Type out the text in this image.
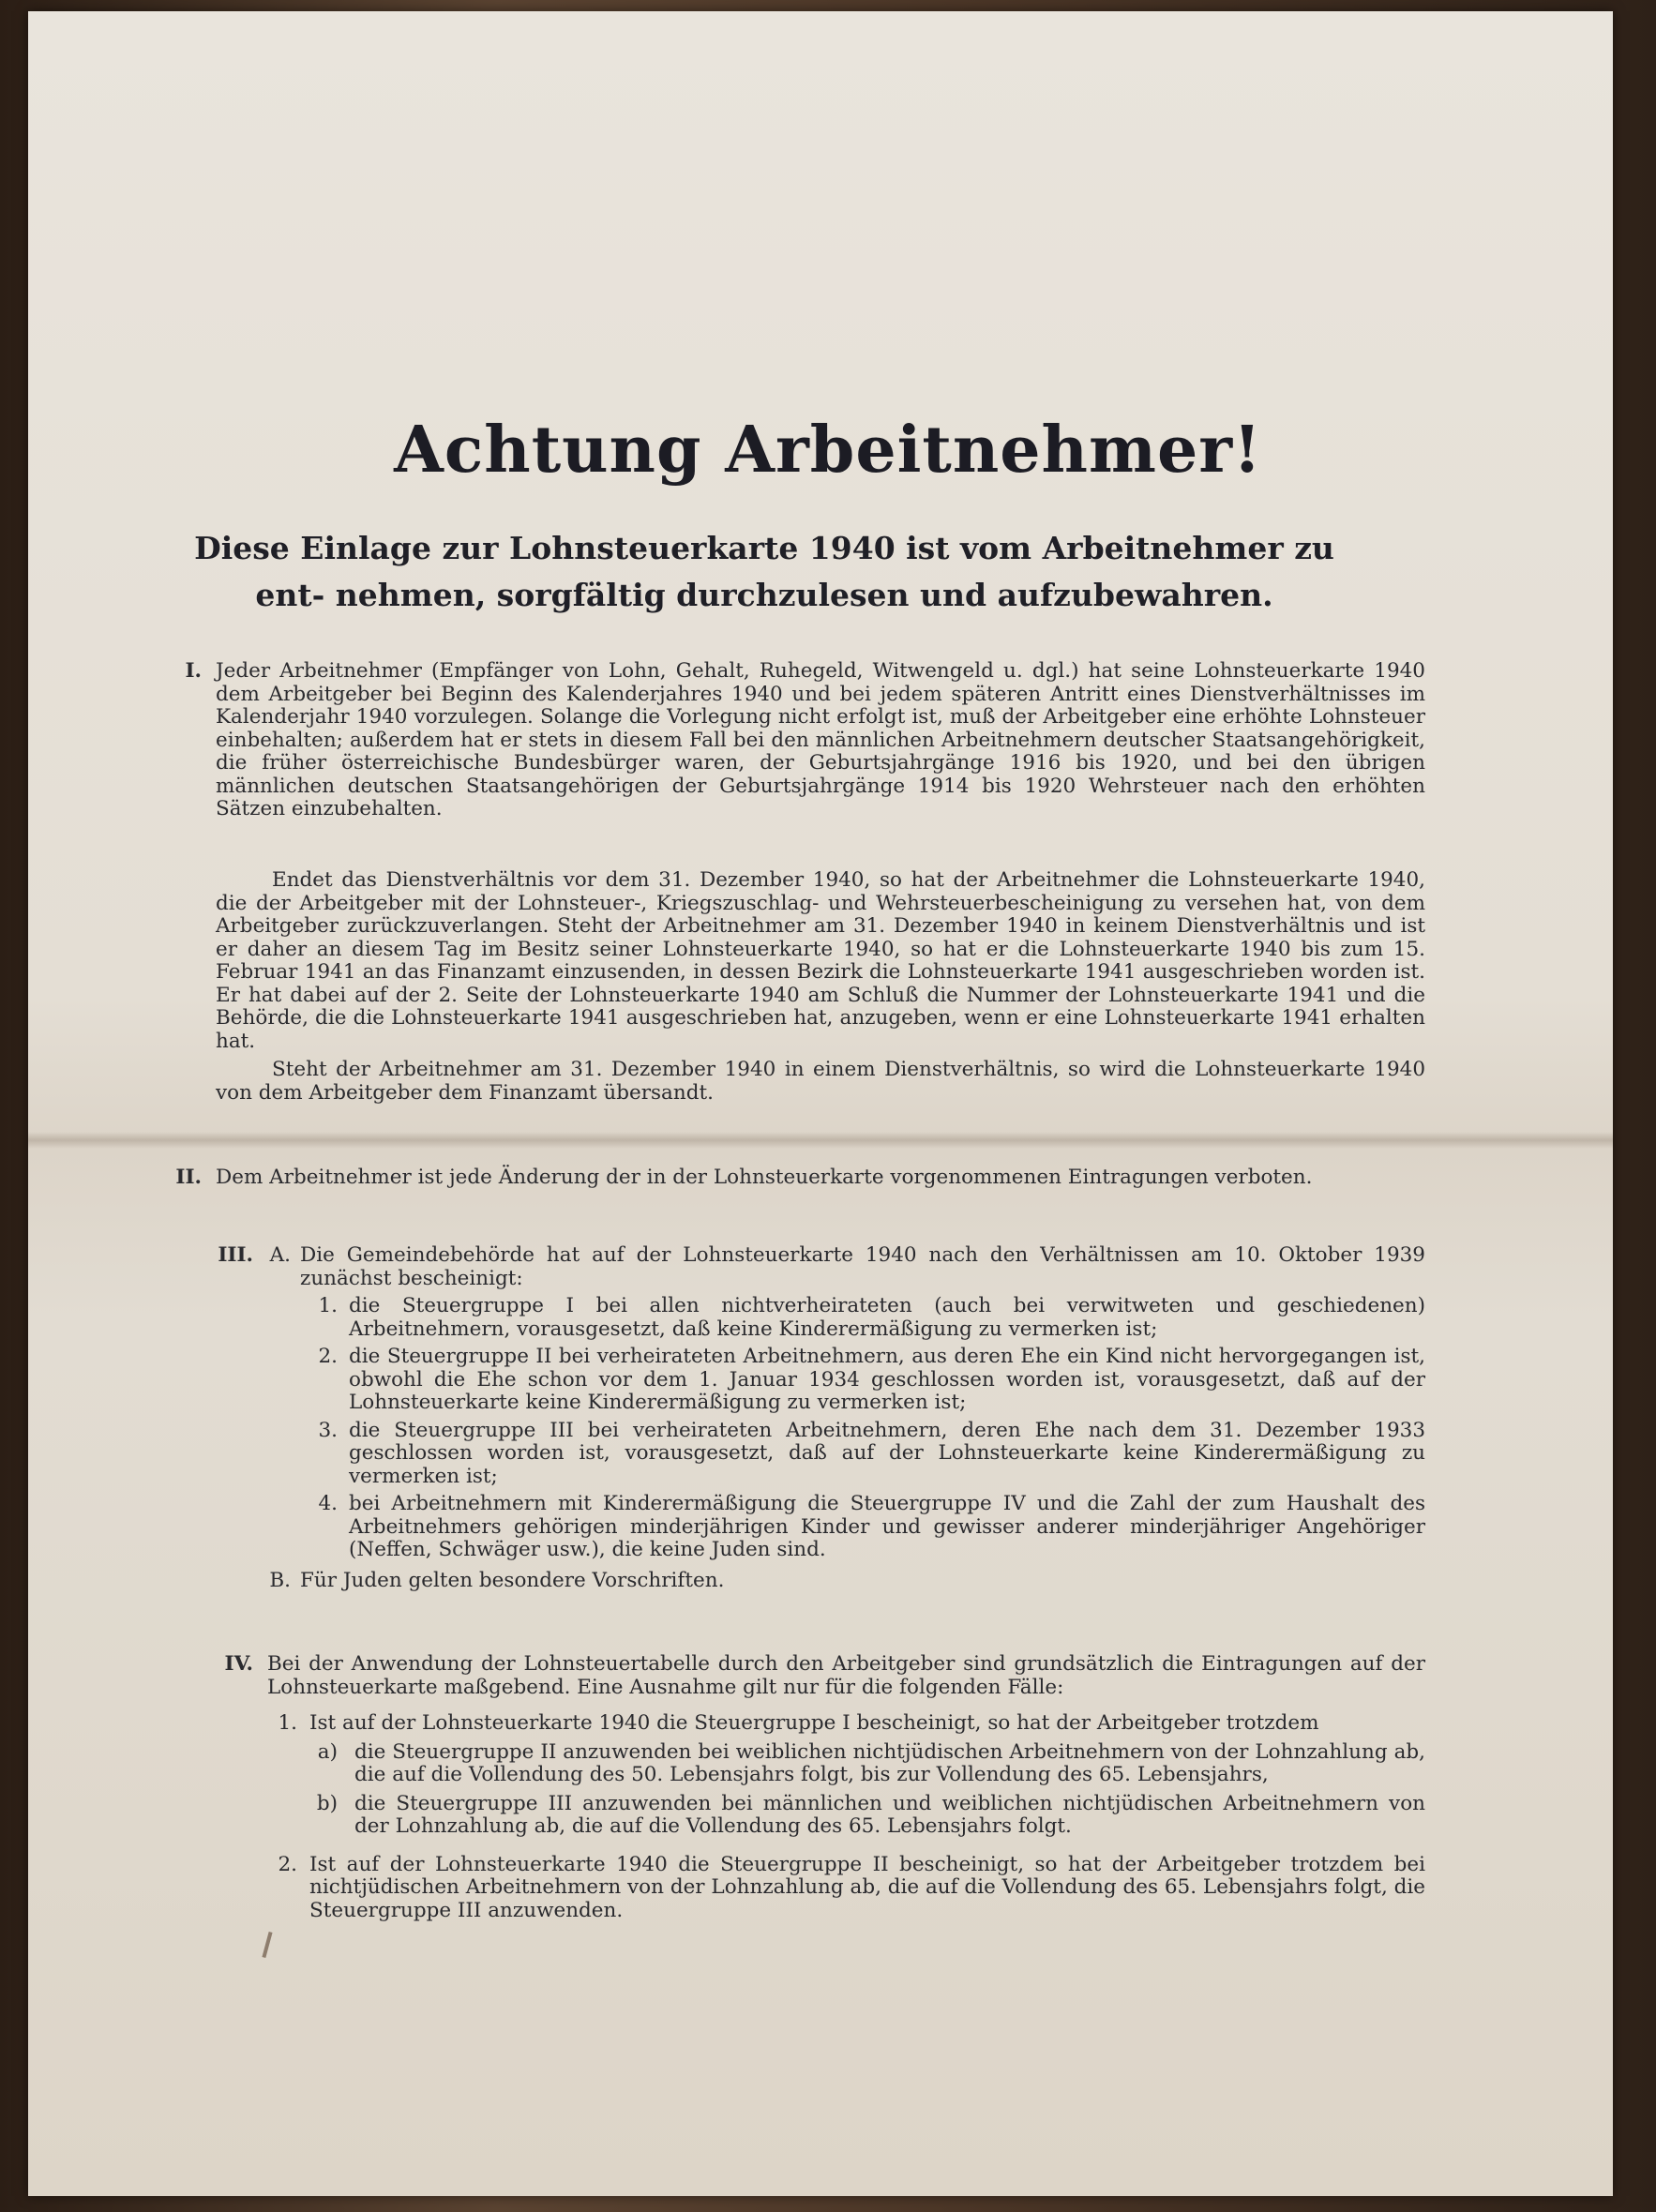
Achtung Arbeitnehmer!
Diese Einlage zur Lohnsteuerkarte 1940 ist vom Arbeitnehmer zu ent- nehmen, sorgfältig durchzulesen und aufzubewahren.
I. Jeder Arbeitnehmer (Empfänger von Lohn, Gehalt, Ruhegeld, Witwengeld u. dgl.) hat seine Lohnsteuerkarte 1940 dem Arbeitgeber bei Beginn des Kalenderjahres 1940 und bei jedem späteren Antritt eines Dienstverhältnisses im Kalenderjahr 1940 vorzulegen. Solange die Vorlegung nicht erfolgt ist, muß der Arbeitgeber eine erhöhte Lohnsteuer einbehalten; außerdem hat er stets in diesem Fall bei den männlichen Arbeitnehmern deutscher Staatsangehörigkeit, die früher österreichische Bundesbürger waren, der Geburtsjahrgänge 1916 bis 1920, und bei den übrigen männlichen deutschen Staatsangehörigen der Geburtsjahrgänge 1914 bis 1920 Wehrsteuer nach den erhöhten Sätzen einzubehalten.

Endet das Dienstverhältnis vor dem 31. Dezember 1940, so hat der Arbeitnehmer die Lohnsteuerkarte 1940, die der Arbeitgeber mit der Lohnsteuer-, Kriegszuschlag- und Wehrsteuerbescheinigung zu versehen hat, von dem Arbeitgeber zurückzuverlangen. Steht der Arbeitnehmer am 31. Dezember 1940 in keinem Dienstverhältnis und ist er daher an diesem Tag im Besitz seiner Lohnsteuerkarte 1940, so hat er die Lohnsteuerkarte 1940 bis zum 15. Februar 1941 an das Finanzamt einzusenden, in dessen Bezirk die Lohnsteuerkarte 1941 ausgeschrieben worden ist. Er hat dabei auf der 2. Seite der Lohnsteuerkarte 1940 am Schluß die Nummer der Lohnsteuerkarte 1941 und die Behörde, die die Lohnsteuerkarte 1941 ausgeschrieben hat, anzugeben, wenn er eine Lohnsteuerkarte 1941 erhalten hat.

Steht der Arbeitnehmer am 31. Dezember 1940 in einem Dienstverhältnis, so wird die Lohnsteuerkarte 1940 von dem Arbeitgeber dem Finanzamt übersandt.

II. Dem Arbeitnehmer ist jede Änderung der in der Lohnsteuerkarte vorgenommenen Eintragungen verboten.

III. A. Die Gemeindebehörde hat auf der Lohnsteuerkarte 1940 nach den Verhältnissen am 10. Oktober 1939 zunächst bescheinigt:

1. die Steuergruppe I bei allen nichtverheirateten (auch bei verwitweten und geschiedenen) Arbeitnehmern, vorausgesetzt, daß keine Kinderermäßigung zu vermerken ist;

2. die Steuergruppe II bei verheirateten Arbeitnehmern, aus deren Ehe ein Kind nicht hervorgegangen ist, obwohl die Ehe schon vor dem 1. Januar 1934 geschlossen worden ist, vorausgesetzt, daß auf der Lohnsteuerkarte keine Kinderermäßigung zu vermerken ist;

3. die Steuergruppe III bei verheirateten Arbeitnehmern, deren Ehe nach dem 31. Dezember 1933 geschlossen worden ist, vorausgesetzt, daß auf der Lohnsteuerkarte keine Kinderermäßigung zu vermerken ist;

4. bei Arbeitnehmern mit Kinderermäßigung die Steuergruppe IV und die Zahl der zum Haushalt des Arbeitnehmers gehörigen minderjährigen Kinder und gewisser anderer minderjähriger Angehöriger (Neffen, Schwäger usw.), die keine Juden sind.

B. Für Juden gelten besondere Vorschriften.

IV. Bei der Anwendung der Lohnsteuertabelle durch den Arbeitgeber sind grundsätzlich die Eintragungen auf der Lohnsteuerkarte maßgebend. Eine Ausnahme gilt nur für die folgenden Fälle:

1. Ist auf der Lohnsteuerkarte 1940 die Steuergruppe I bescheinigt, so hat der Arbeitgeber trotzdem

a) die Steuergruppe II anzuwenden bei weiblichen nichtjüdischen Arbeitnehmern von der Lohnzahlung ab, die auf die Vollendung des 50. Lebensjahrs folgt, bis zur Vollendung des 65. Lebensjahrs,

b) die Steuergruppe III anzuwenden bei männlichen und weiblichen nichtjüdischen Arbeitnehmern von der Lohnzahlung ab, die auf die Vollendung des 65. Lebensjahrs folgt.

2. Ist auf der Lohnsteuerkarte 1940 die Steuergruppe II bescheinigt, so hat der Arbeitgeber trotzdem bei nichtjüdischen Arbeitnehmern von der Lohnzahlung ab, die auf die Vollendung des 65. Lebensjahrs folgt, die Steuergruppe III anzuwenden.
